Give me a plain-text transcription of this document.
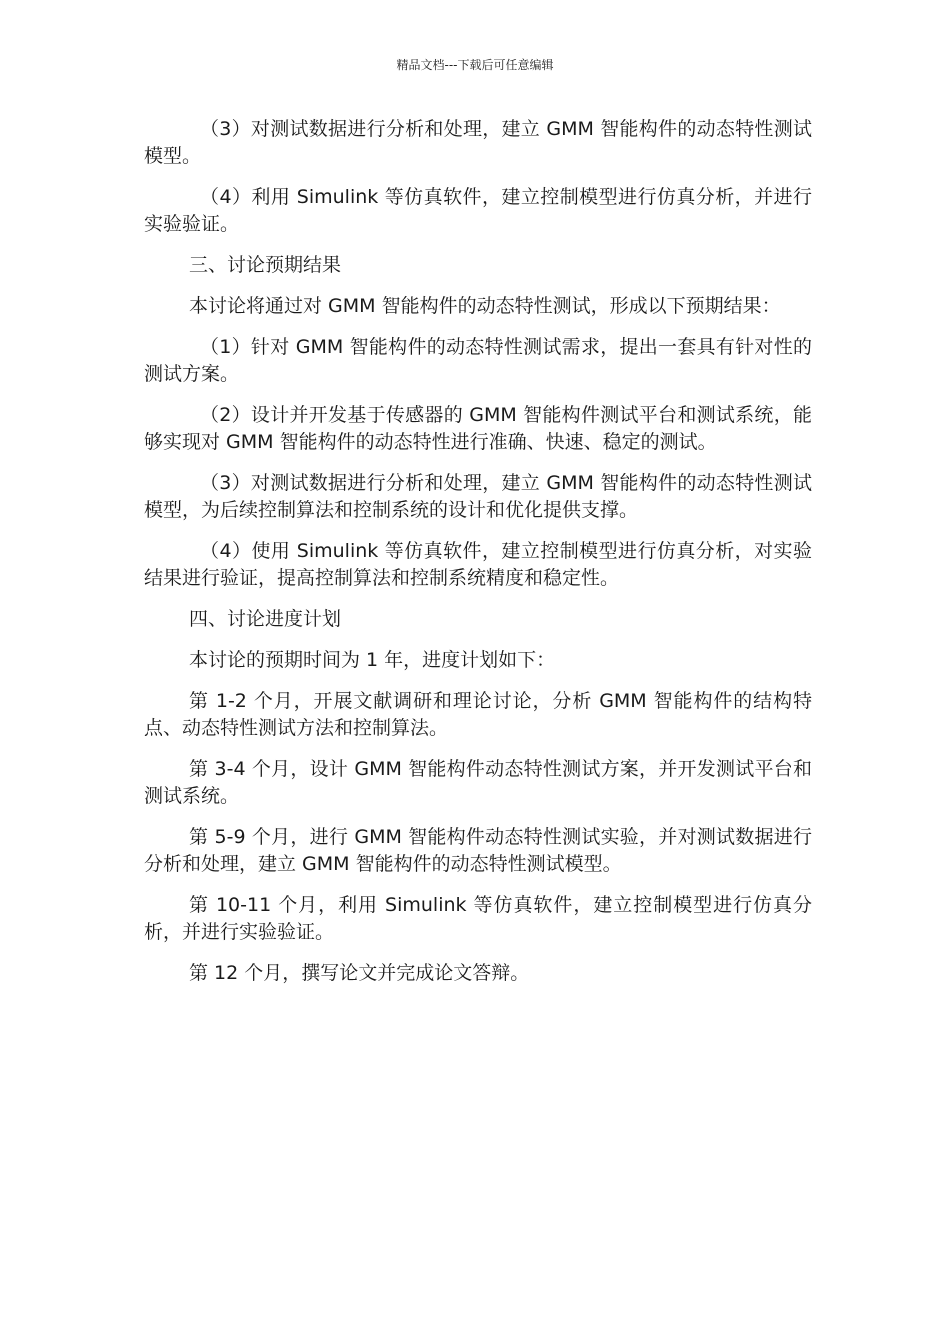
精品文档---下载后可任意编辑

（3）对测试数据进行分析和处理，建立 GMM 智能构件的动态特性测试模型。

（4）利用 Simulink 等仿真软件，建立控制模型进行仿真分析，并进行实验验证。

三、讨论预期结果

本讨论将通过对 GMM 智能构件的动态特性测试，形成以下预期结果：

（1）针对 GMM 智能构件的动态特性测试需求，提出一套具有针对性的测试方案。

（2）设计并开发基于传感器的 GMM 智能构件测试平台和测试系统，能够实现对 GMM 智能构件的动态特性进行准确、快速、稳定的测试。

（3）对测试数据进行分析和处理，建立 GMM 智能构件的动态特性测试模型，为后续控制算法和控制系统的设计和优化提供支撑。

（4）使用 Simulink 等仿真软件，建立控制模型进行仿真分析，对实验结果进行验证，提高控制算法和控制系统精度和稳定性。

四、讨论进度计划

本讨论的预期时间为 1 年，进度计划如下：

第 1-2 个月，开展文献调研和理论讨论，分析 GMM 智能构件的结构特点、动态特性测试方法和控制算法。

第 3-4 个月，设计 GMM 智能构件动态特性测试方案，并开发测试平台和测试系统。

第 5-9 个月，进行 GMM 智能构件动态特性测试实验，并对测试数据进行分析和处理，建立 GMM 智能构件的动态特性测试模型。

第 10-11 个月，利用 Simulink 等仿真软件，建立控制模型进行仿真分析，并进行实验验证。

第 12 个月，撰写论文并完成论文答辩。
